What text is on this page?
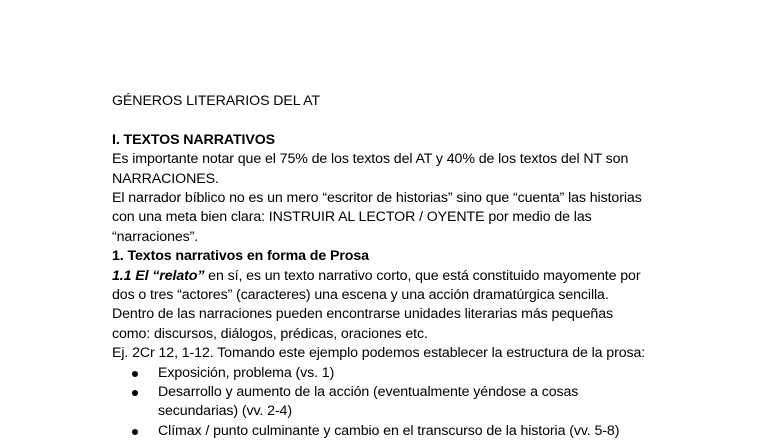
GÉNEROS LITERARIOS DEL AT

I. TEXTOS NARRATIVOS

Es importante notar que el 75% de los textos del AT y 40% de los textos del NT son

NARRACIONES.

El narrador bíblico no es un mero “escritor de historias” sino que “cuenta” las historias

con una meta bien clara: INSTRUIR AL LECTOR / OYENTE por medio de las

“narraciones”.

1. Textos narrativos en forma de Prosa

1.1 El “relato” en sí, es un texto narrativo corto, que está constituido mayomente por

dos o tres “actores” (caracteres) una escena y una acción dramatúrgica sencilla.

Dentro de las narraciones pueden encontrarse unidades literarias más pequeñas

como: discursos, diálogos, prédicas, oraciones etc.

Ej. 2Cr 12, 1-12. Tomando este ejemplo podemos establecer la estructura de la prosa:

Exposición, problema (vs. 1)
Desarrollo y aumento de la acción (eventualmente yéndose a cosas
secundarias) (vv. 2-4)
Clímax / punto culminante y cambio en el transcurso de la historia (vv. 5-8)
